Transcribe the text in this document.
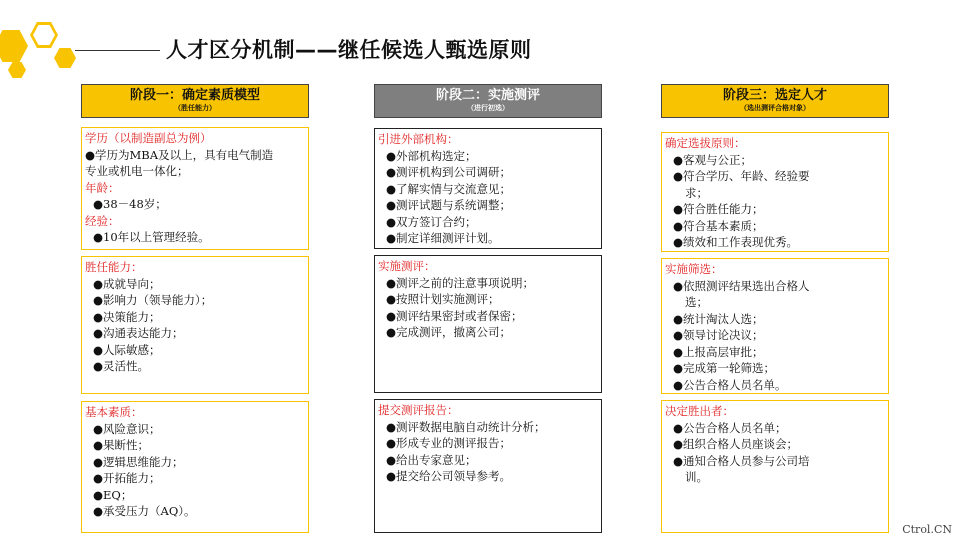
人才区分机制——继任候选人甄选原则
阶段一：确定素质模型
（胜任能力）
阶段二：实施测评
（进行初选）
阶段三：选定人才
（选出测评合格对象）
学历（以制造副总为例）
●学历为MBA及以上，具有电气制造
专业或机电一体化；
年龄：
●38－48岁；
经验：
●10年以上管理经验。
胜任能力：
●成就导向；
●影响力（领导能力）；
●决策能力；
●沟通表达能力；
●人际敏感；
●灵活性。
基本素质：
●风险意识；
●果断性；
●逻辑思维能力；
●开拓能力；
●EQ；
●承受压力（AQ）。
引进外部机构：
●外部机构选定；
●测评机构到公司调研；
●了解实情与交流意见；
●测评试题与系统调整；
●双方签订合约；
●制定详细测评计划。
实施测评：
●测评之前的注意事项说明；
●按照计划实施测评；
●测评结果密封或者保密；
●完成测评，撤离公司；
提交测评报告：
●测评数据电脑自动统计分析；
●形成专业的测评报告；
●给出专家意见；
●提交给公司领导参考。
确定选拔原则：
●客观与公正；
●符合学历、年龄、经验要
求；
●符合胜任能力；
●符合基本素质；
●绩效和工作表现优秀。
实施筛选：
●依照测评结果选出合格人
选；
●统计淘汰人选；
●领导讨论决议；
●上报高层审批；
●完成第一轮筛选；
●公告合格人员名单。
决定胜出者：
●公告合格人员名单；
●组织合格人员座谈会；
●通知合格人员参与公司培
训。
Ctrol.CN
